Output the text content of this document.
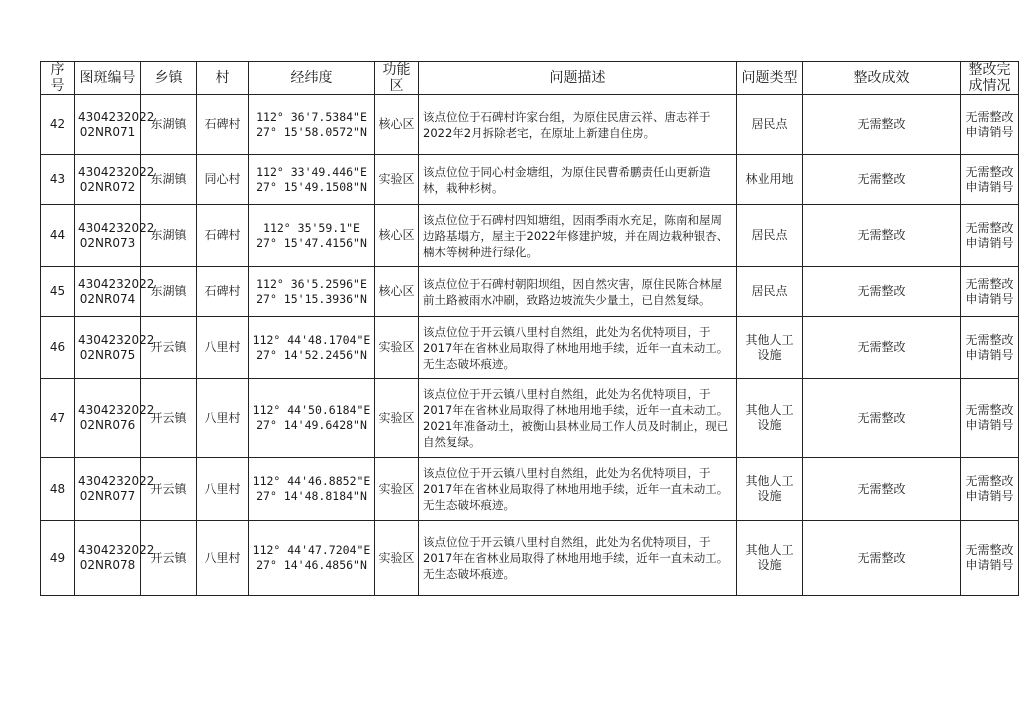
序号	图斑编号	乡镇	村	经纬度	功能区	问题描述	问题类型	整改成效	整改完
成情况

42	4304232022
02NR071	东湖镇	石碑村	112° 36'7.5384"E
27° 15'58.0572"N	核心区	该点位位于石碑村许家台组，为原住民唐云祥、唐志祥于2022年2月拆除老宅，在原址上新建自住房。	居民点	无需整改	无需整改
申请销号

43	4304232022
02NR072	东湖镇	同心村	112° 33'49.446"E
27° 15'49.1508"N	实验区	该点位位于同心村金塘组，为原住民曹希鹏责任山更新造林，栽种杉树。	林业用地	无需整改	无需整改
申请销号

44	4304232022
02NR073	东湖镇	石碑村	112° 35'59.1"E
27° 15'47.4156"N	核心区	该点位位于石碑村四知塘组，因雨季雨水充足，陈南和屋周边路基塌方，屋主于2022年修建护坡，并在周边栽种银杏、楠木等树种进行绿化。	居民点	无需整改	无需整改
申请销号

45	4304232022
02NR074	东湖镇	石碑村	112° 36'5.2596"E
27° 15'15.3936"N	核心区	该点位位于石碑村朝阳坝组，因自然灾害，原住民陈合林屋前土路被雨水冲刷，致路边坡流失少量土，已自然复绿。	居民点	无需整改	无需整改
申请销号

46	4304232022
02NR075	开云镇	八里村	112° 44'48.1704"E
27° 14'52.2456"N	实验区	该点位位于开云镇八里村自然组，此处为名优特项目，于2017年在省林业局取得了林地用地手续，近年一直未动工。无生态破坏痕迹。	其他人工
设施	无需整改	无需整改
申请销号

47	4304232022
02NR076	开云镇	八里村	112° 44'50.6184"E
27° 14'49.6428"N	实验区	该点位位于开云镇八里村自然组，此处为名优特项目，于2017年在省林业局取得了林地用地手续，近年一直未动工。 2021年准备动土，被衡山县林业局工作人员及时制止，现已自然复绿。	其他人工
设施	无需整改	无需整改
申请销号

48	4304232022
02NR077	开云镇	八里村	112° 44'46.8852"E
27° 14'48.8184"N	实验区	该点位位于开云镇八里村自然组，此处为名优特项目，于2017年在省林业局取得了林地用地手续，近年一直未动工。无生态破坏痕迹。	其他人工
设施	无需整改	无需整改
申请销号

49	4304232022
02NR078	开云镇	八里村	112° 44'47.7204"E
27° 14'46.4856"N	实验区	该点位位于开云镇八里村自然组，此处为名优特项目，于2017年在省林业局取得了林地用地手续，近年一直未动工。无生态破坏痕迹。	其他人工
设施	无需整改	无需整改
申请销号
